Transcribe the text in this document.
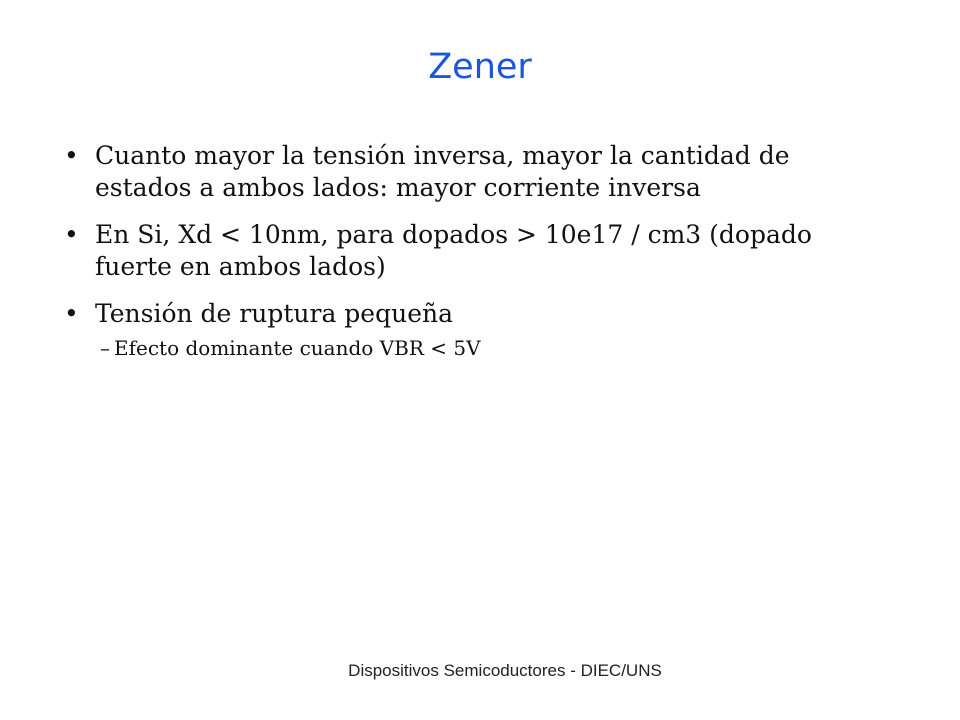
Zener
• Cuanto mayor la tensión inversa, mayor la cantidad de estados a ambos lados: mayor corriente inversa
• En Si, Xd < 10nm, para dopados > 10e17 / cm3 (dopado fuerte en ambos lados)
• Tensión de ruptura pequeña
– Efecto dominante cuando VBR < 5V
Dispositivos Semicoductores - DIEC/UNS
